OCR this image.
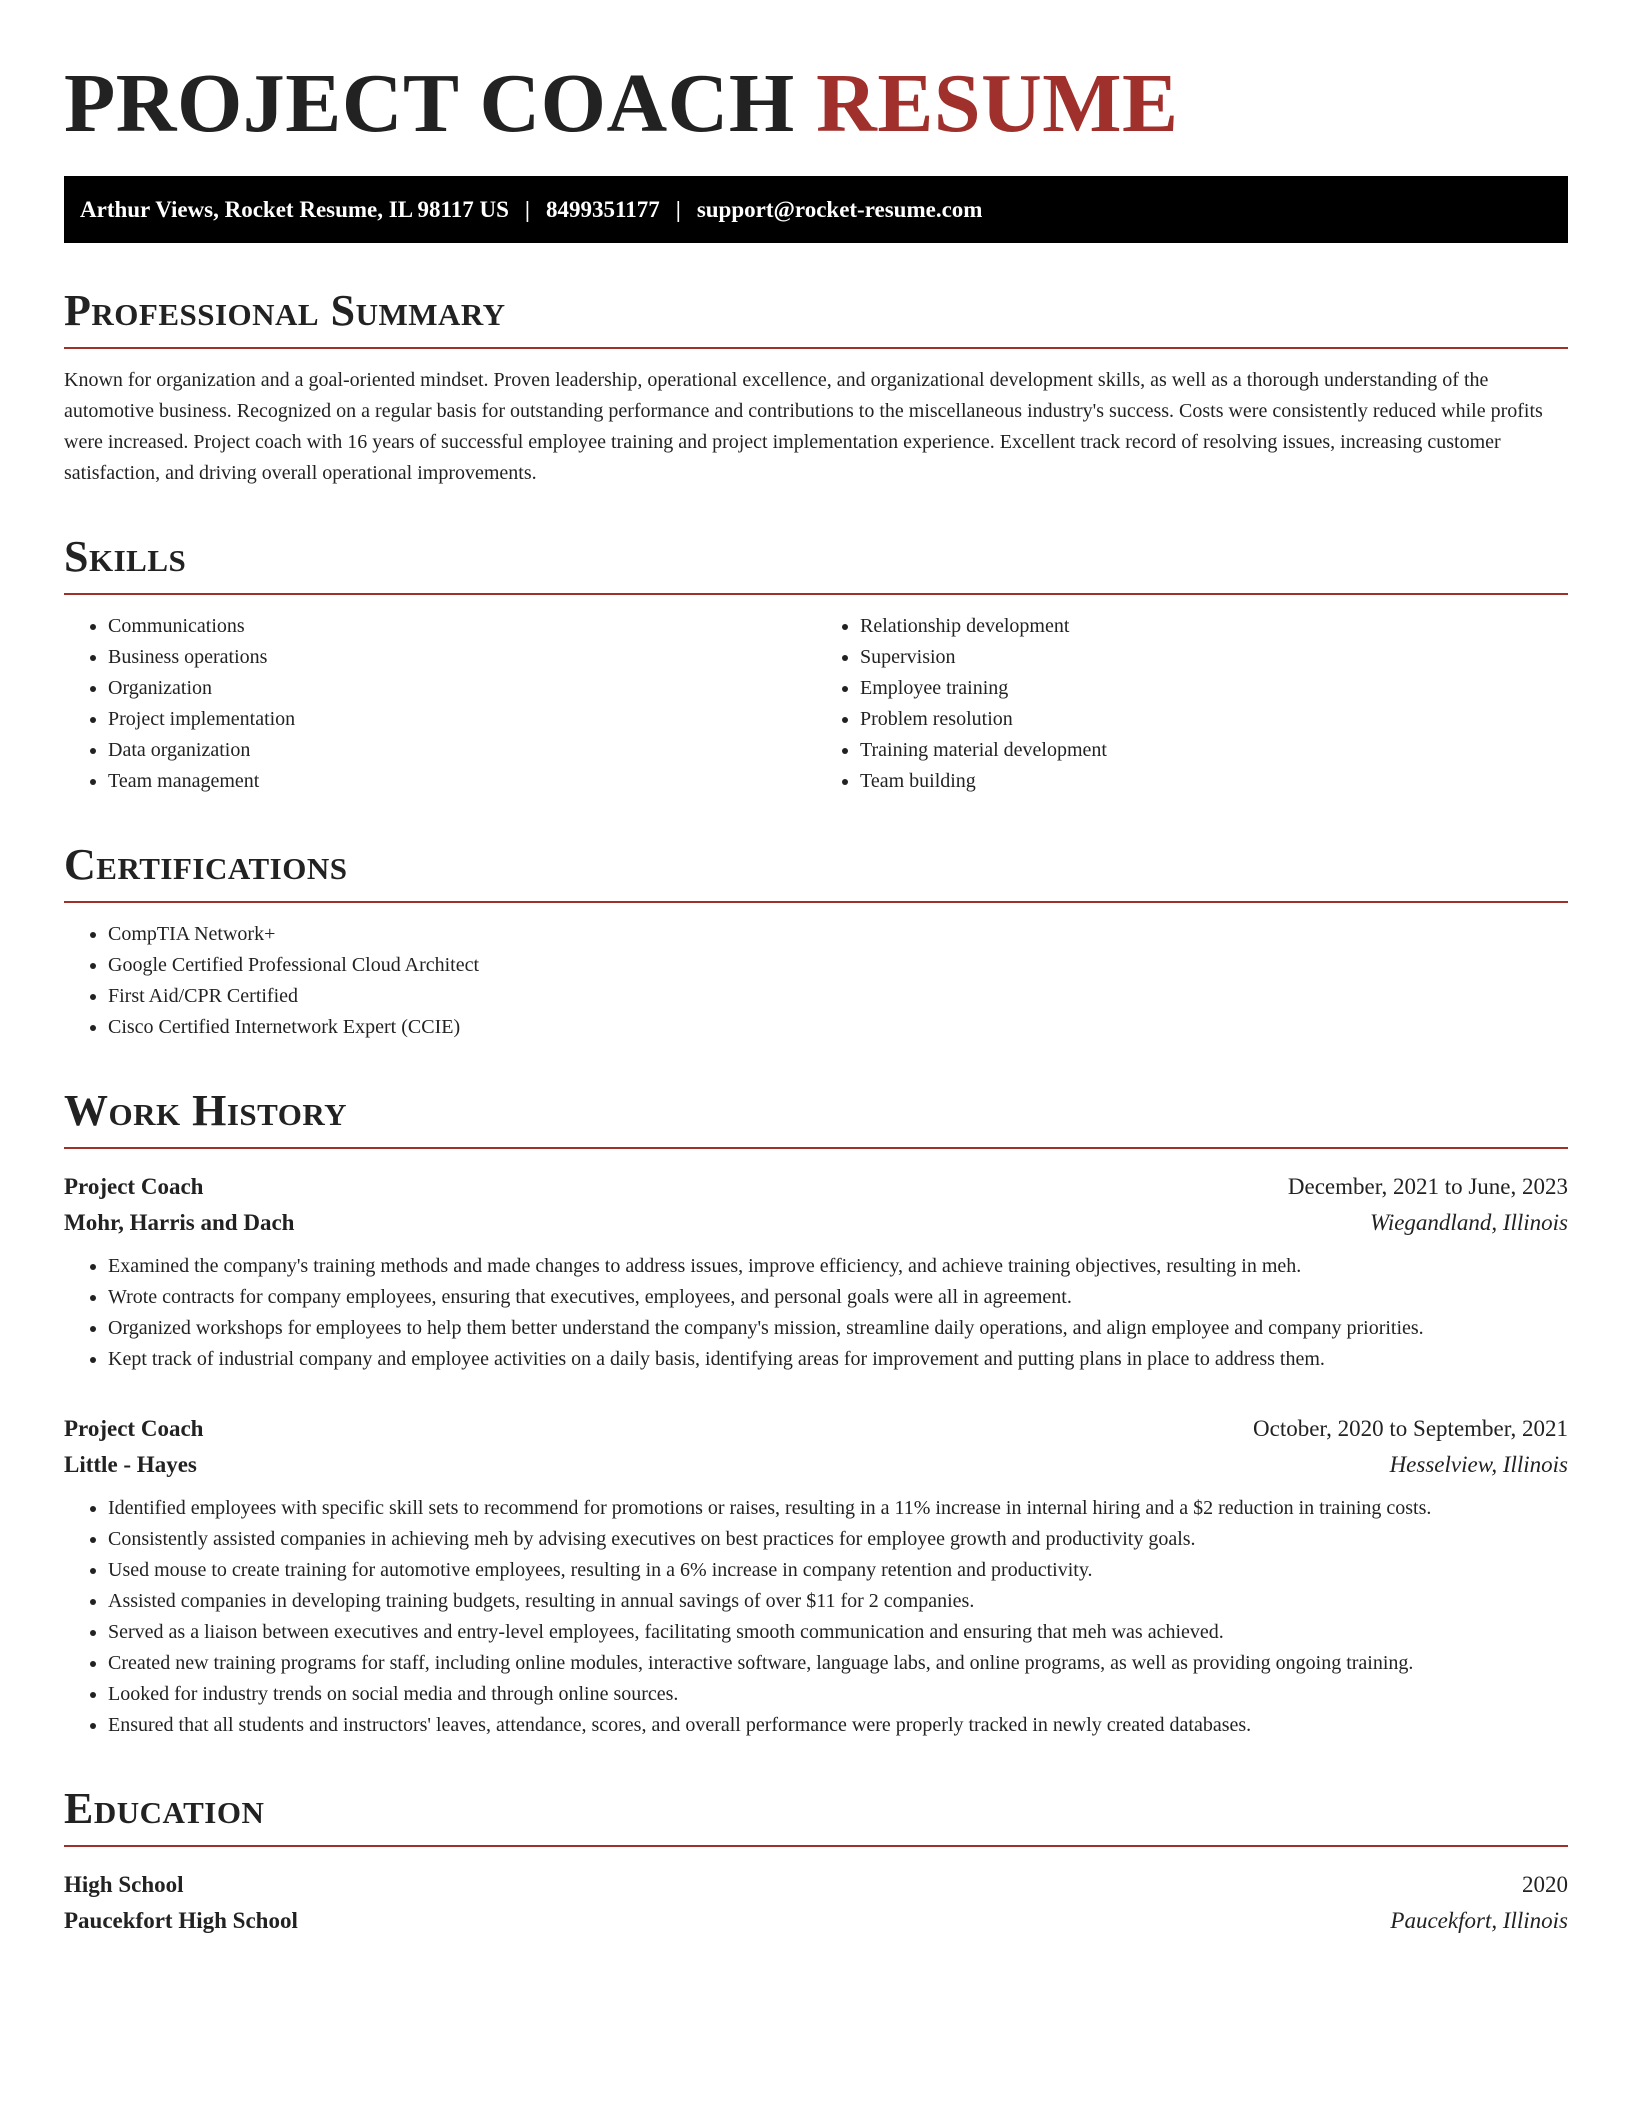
PROJECT COACH RESUME
Arthur Views, Rocket Resume, IL 98117 US | 8499351177 | support@rocket-resume.com
Professional Summary
Known for organization and a goal-oriented mindset. Proven leadership, operational excellence, and organizational development skills, as well as a thorough understanding of the automotive business. Recognized on a regular basis for outstanding performance and contributions to the miscellaneous industry's success. Costs were consistently reduced while profits were increased. Project coach with 16 years of successful employee training and project implementation experience. Excellent track record of resolving issues, increasing customer satisfaction, and driving overall operational improvements.
Skills
• Communications
• Business operations
• Organization
• Project implementation
• Data organization
• Team management
• Relationship development
• Supervision
• Employee training
• Problem resolution
• Training material development
• Team building
Certifications
• CompTIA Network+
• Google Certified Professional Cloud Architect
• First Aid/CPR Certified
• Cisco Certified Internetwork Expert (CCIE)
Work History
Project Coach	December, 2021 to June, 2023
Mohr, Harris and Dach	Wiegandland, Illinois
• Examined the company's training methods and made changes to address issues, improve efficiency, and achieve training objectives, resulting in meh.
• Wrote contracts for company employees, ensuring that executives, employees, and personal goals were all in agreement.
• Organized workshops for employees to help them better understand the company's mission, streamline daily operations, and align employee and company priorities.
• Kept track of industrial company and employee activities on a daily basis, identifying areas for improvement and putting plans in place to address them.
Project Coach	October, 2020 to September, 2021
Little - Hayes	Hesselview, Illinois
• Identified employees with specific skill sets to recommend for promotions or raises, resulting in a 11% increase in internal hiring and a $2 reduction in training costs.
• Consistently assisted companies in achieving meh by advising executives on best practices for employee growth and productivity goals.
• Used mouse to create training for automotive employees, resulting in a 6% increase in company retention and productivity.
• Assisted companies in developing training budgets, resulting in annual savings of over $11 for 2 companies.
• Served as a liaison between executives and entry-level employees, facilitating smooth communication and ensuring that meh was achieved.
• Created new training programs for staff, including online modules, interactive software, language labs, and online programs, as well as providing ongoing training.
• Looked for industry trends on social media and through online sources.
• Ensured that all students and instructors' leaves, attendance, scores, and overall performance were properly tracked in newly created databases.
Education
High School	2020
Paucekfort High School	Paucekfort, Illinois
